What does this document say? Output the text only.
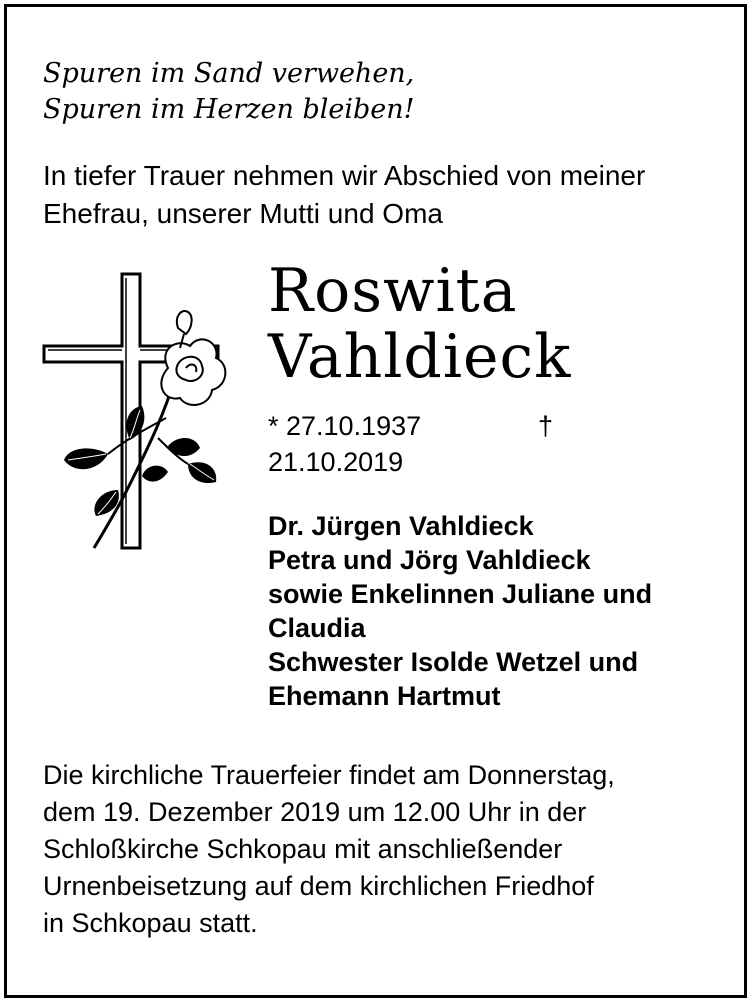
Spuren im Sand verwehen,
Spuren im Herzen bleiben!
In tiefer Trauer nehmen wir Abschied von meiner
Ehefrau, unserer Mutti und Oma
Roswita
Vahldieck
* 27.10.1937	†
21.10.2019
Dr. Jürgen Vahldieck
Petra und Jörg Vahldieck
sowie Enkelinnen Juliane und
Claudia
Schwester Isolde Wetzel und
Ehemann Hartmut
Die kirchliche Trauerfeier findet am Donnerstag,
dem 19. Dezember 2019 um 12.00 Uhr in der
Schloßkirche Schkopau mit anschließender
Urnenbeisetzung auf dem kirchlichen Friedhof
in Schkopau statt.
